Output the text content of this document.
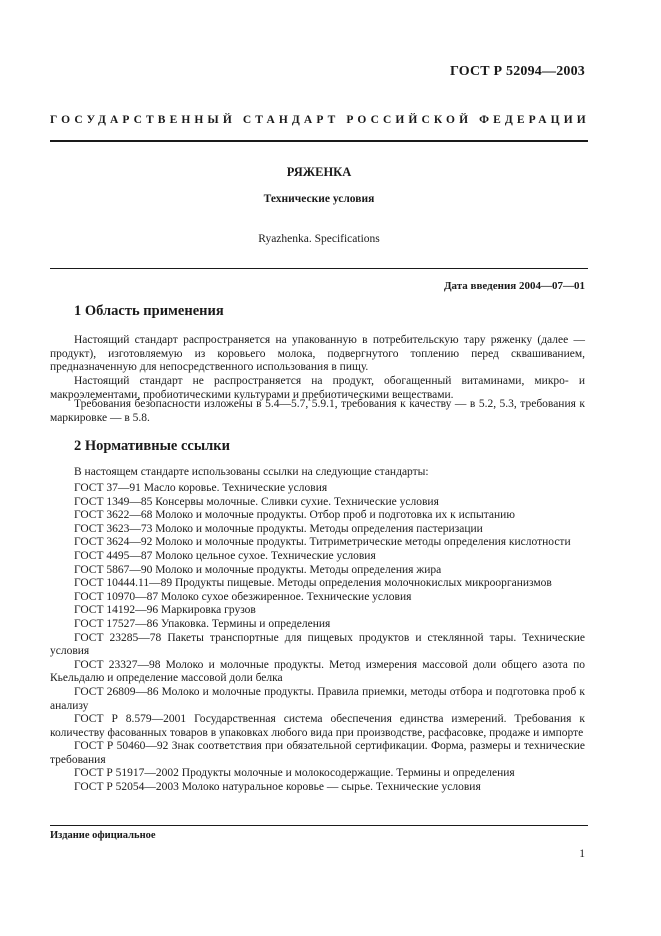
ГОСТ Р 52094—2003
ГОСУДАРСТВЕННЫЙ СТАНДАРТ РОССИЙСКОЙ ФЕДЕРАЦИИ
РЯЖЕНКА
Технические условия
Ryazhenka. Specifications
Дата введения 2004—07—01
1 Область применения
Настоящий стандарт распространяется на упакованную в потребительскую тару ряженку (далее — продукт), изготовляемую из коровьего молока, подвергнутого топлению перед сквашиванием, предназначенную для непосредственного использования в пищу.
Настоящий стандарт не распространяется на продукт, обогащенный витаминами, микро- и макроэлементами, пробиотическими культурами и пребиотическими веществами.
Требования безопасности изложены в 5.4—5.7, 5.9.1, требования к качеству — в 5.2, 5.3, требования к маркировке — в 5.8.
2 Нормативные ссылки
В настоящем стандарте использованы ссылки на следующие стандарты:

ГОСТ 37—91 Масло коровье. Технические условия

ГОСТ 1349—85 Консервы молочные. Сливки сухие. Технические условия

ГОСТ 3622—68 Молоко и молочные продукты. Отбор проб и подготовка их к испытанию

ГОСТ 3623—73 Молоко и молочные продукты. Методы определения пастеризации

ГОСТ 3624—92 Молоко и молочные продукты. Титриметрические методы определения кислотности

ГОСТ 4495—87 Молоко цельное сухое. Технические условия

ГОСТ 5867—90 Молоко и молочные продукты. Методы определения жира

ГОСТ 10444.11—89 Продукты пищевые. Методы определения молочнокислых микроорганизмов

ГОСТ 10970—87 Молоко сухое обезжиренное. Технические условия

ГОСТ 14192—96 Маркировка грузов

ГОСТ 17527—86 Упаковка. Термины и определения

ГОСТ 23285—78 Пакеты транспортные для пищевых продуктов и стеклянной тары. Технические условия

ГОСТ 23327—98 Молоко и молочные продукты. Метод измерения массовой доли общего азота по Кьельдалю и определение массовой доли белка

ГОСТ 26809—86 Молоко и молочные продукты. Правила приемки, методы отбора и подготовка проб к анализу

ГОСТ Р 8.579—2001 Государственная система обеспечения единства измерений. Требования к количеству фасованных товаров в упаковках любого вида при производстве, расфасовке, продаже и импорте

ГОСТ Р 50460—92 Знак соответствия при обязательной сертификации. Форма, размеры и технические требования

ГОСТ Р 51917—2002 Продукты молочные и молокосодержащие. Термины и определения

ГОСТ Р 52054—2003 Молоко натуральное коровье — сырье. Технические условия

Издание официальное
1
